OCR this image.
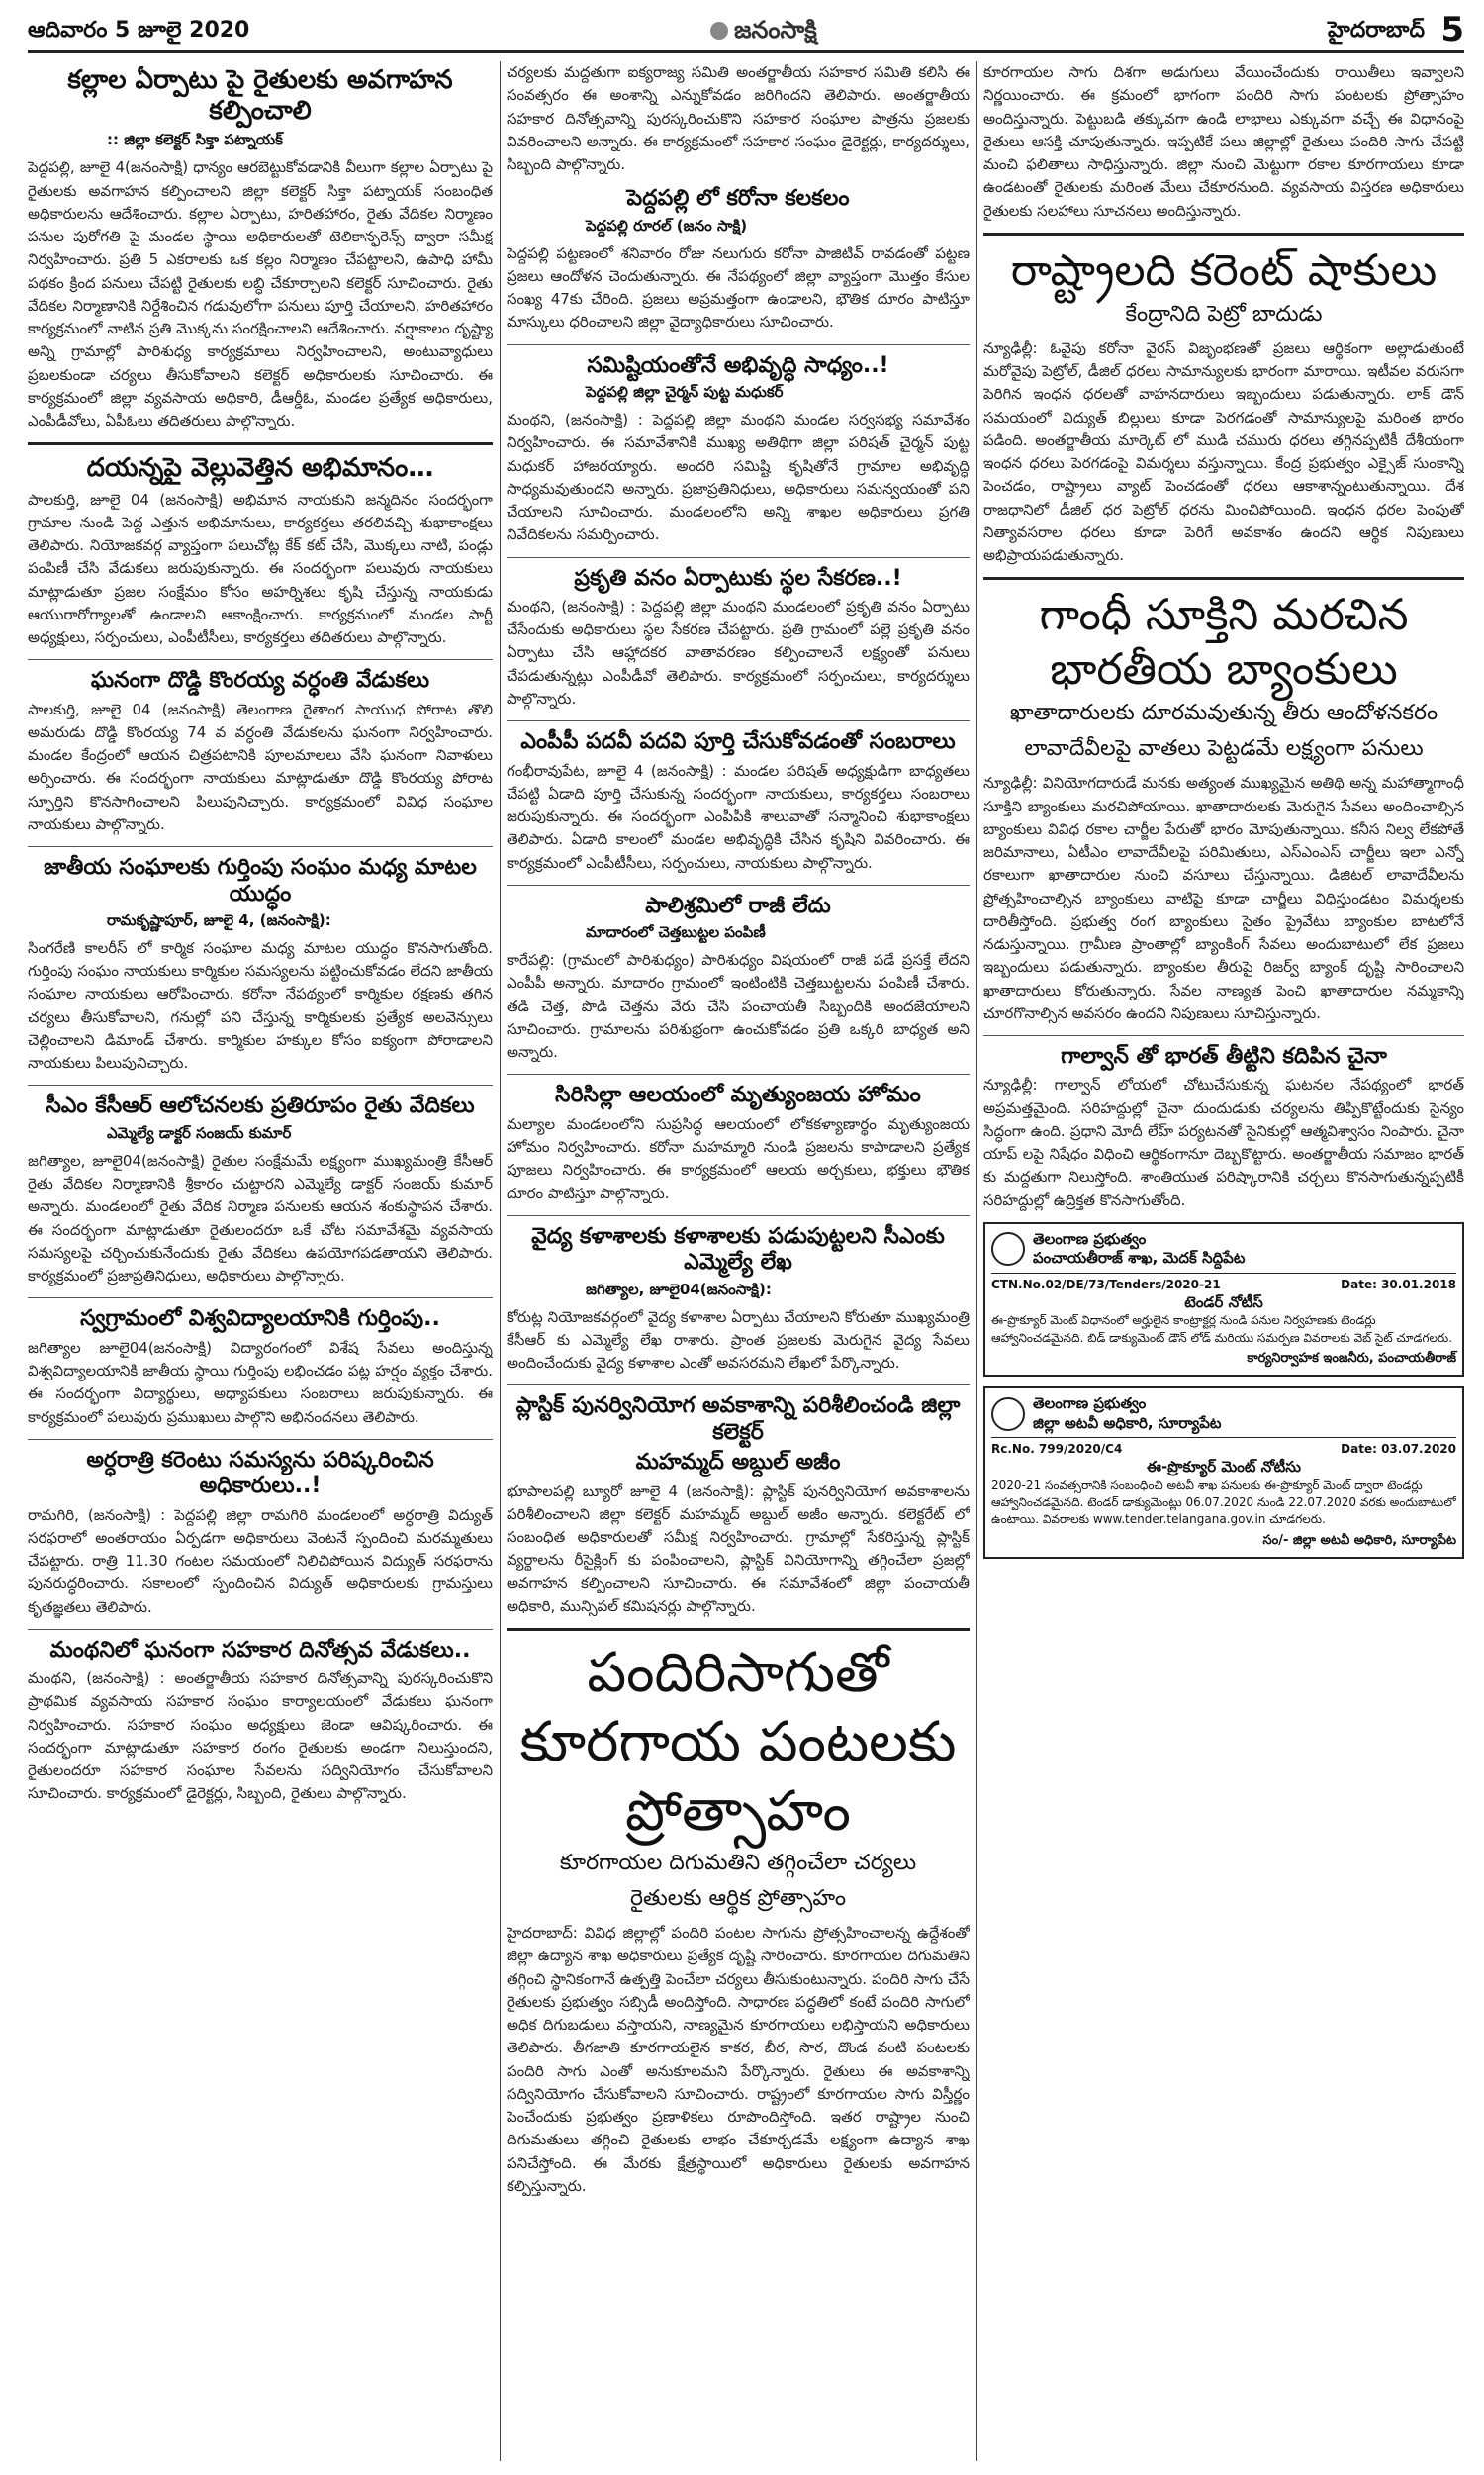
ఆదివారం 5 జూలై 2020	జనంసాక్షి	హైదరాబాద్ 5
కల్లాల ఏర్పాటు పై రైతులకు అవగాహన కల్పించాలి
:: జిల్లా కలెక్టర్ సిక్తా పట్నాయక్
పెద్దపల్లి, జూలై 4(జనంసాక్షి) ధాన్యం ఆరబెట్టుకోవడానికి వీలుగా కల్లాల ఏర్పాటు పై రైతులకు అవగాహన కల్పించాలని జిల్లా కలెక్టర్ సిక్తా పట్నాయక్ సంబంధిత అధికారులను ఆదేశించారు. కల్లాల ఏర్పాటు, హరితహారం, రైతు వేదికల నిర్మాణం పనుల పురోగతి పై మండల స్థాయి అధికారులతో టెలికాన్ఫరెన్స్ ద్వారా సమీక్ష నిర్వహించారు. ప్రతి 5 ఎకరాలకు ఒక కల్లం నిర్మాణం చేపట్టాలని, ఉపాధి హామీ పథకం క్రింద పనులు చేపట్టి రైతులకు లబ్ధి చేకూర్చాలని కలెక్టర్ సూచించారు. రైతు వేదికల నిర్మాణానికి నిర్దేశించిన గడువులోగా పనులు పూర్తి చేయాలని, హరితహారం కార్యక్రమంలో నాటిన ప్రతి మొక్కను సంరక్షించాలని ఆదేశించారు. వర్షాకాలం దృష్ట్యా అన్ని గ్రామాల్లో పారిశుధ్య కార్యక్రమాలు నిర్వహించాలని, అంటువ్యాధులు ప్రబలకుండా చర్యలు తీసుకోవాలని కలెక్టర్ అధికారులకు సూచించారు. ఈ కార్యక్రమంలో జిల్లా వ్యవసాయ అధికారి, డీఆర్డీఓ, మండల ప్రత్యేక అధికారులు, ఎంపీడీవోలు, ఏపీఓలు తదితరులు పాల్గొన్నారు.
దయన్నపై వెల్లువెత్తిన అభిమానం…
పాలకుర్తి, జూలై 04 (జనంసాక్షి) అభిమాన నాయకుని జన్మదినం సందర్భంగా గ్రామాల నుండి పెద్ద ఎత్తున అభిమానులు, కార్యకర్తలు తరలివచ్చి శుభాకాంక్షలు తెలిపారు. నియోజకవర్గ వ్యాప్తంగా పలుచోట్ల కేక్ కట్ చేసి, మొక్కలు నాటి, పండ్లు పంపిణీ చేసి వేడుకలు జరుపుకున్నారు. ఈ సందర్భంగా పలువురు నాయకులు మాట్లాడుతూ ప్రజల సంక్షేమం కోసం అహర్నిశలు కృషి చేస్తున్న నాయకుడు ఆయురారోగ్యాలతో ఉండాలని ఆకాంక్షించారు. కార్యక్రమంలో మండల పార్టీ అధ్యక్షులు, సర్పంచులు, ఎంపీటీసీలు, కార్యకర్తలు తదితరులు పాల్గొన్నారు.
ఘనంగా దొడ్డి కొంరయ్య వర్ధంతి వేడుకలు
పాలకుర్తి, జూలై 04 (జనంసాక్షి) తెలంగాణ రైతాంగ సాయుధ పోరాట తొలి అమరుడు దొడ్డి కొంరయ్య 74 వ వర్ధంతి వేడుకలను ఘనంగా నిర్వహించారు. మండల కేంద్రంలో ఆయన చిత్రపటానికి పూలమాలలు వేసి ఘనంగా నివాళులు అర్పించారు. ఈ సందర్భంగా నాయకులు మాట్లాడుతూ దొడ్డి కొంరయ్య పోరాట స్ఫూర్తిని కొనసాగించాలని పిలుపునిచ్చారు. కార్యక్రమంలో వివిధ సంఘాల నాయకులు పాల్గొన్నారు.
జాతీయ సంఘాలకు గుర్తింపు సంఘం మధ్య మాటల యుద్ధం
రామకృష్ణాపూర్, జూలై 4, (జనంసాక్షి):
సింగరేణి కాలరీస్ లో కార్మిక సంఘాల మధ్య మాటల యుద్ధం కొనసాగుతోంది. గుర్తింపు సంఘం నాయకులు కార్మికుల సమస్యలను పట్టించుకోవడం లేదని జాతీయ సంఘాల నాయకులు ఆరోపించారు. కరోనా నేపథ్యంలో కార్మికుల రక్షణకు తగిన చర్యలు తీసుకోవాలని, గనుల్లో పని చేస్తున్న కార్మికులకు ప్రత్యేక అలవెన్సులు చెల్లించాలని డిమాండ్ చేశారు. కార్మికుల హక్కుల కోసం ఐక్యంగా పోరాడాలని నాయకులు పిలుపునిచ్చారు.
సీఎం కేసీఆర్ ఆలోచనలకు ప్రతిరూపం రైతు వేదికలు
ఎమ్మెల్యే డాక్టర్ సంజయ్ కుమార్
జగిత్యాల, జూలై04(జనంసాక్షి) రైతుల సంక్షేమమే లక్ష్యంగా ముఖ్యమంత్రి కేసీఆర్ రైతు వేదికల నిర్మాణానికి శ్రీకారం చుట్టారని ఎమ్మెల్యే డాక్టర్ సంజయ్ కుమార్ అన్నారు. మండలంలో రైతు వేదిక నిర్మాణ పనులకు ఆయన శంకుస్థాపన చేశారు. ఈ సందర్భంగా మాట్లాడుతూ రైతులందరూ ఒకే చోట సమావేశమై వ్యవసాయ సమస్యలపై చర్చించుకునేందుకు రైతు వేదికలు ఉపయోగపడతాయని తెలిపారు. కార్యక్రమంలో ప్రజాప్రతినిధులు, అధికారులు పాల్గొన్నారు.
స్వగ్రామంలో విశ్వవిద్యాలయానికి గుర్తింపు..
జగిత్యాల జూలై04(జనంసాక్షి) విద్యారంగంలో విశేష సేవలు అందిస్తున్న విశ్వవిద్యాలయానికి జాతీయ స్థాయి గుర్తింపు లభించడం పట్ల హర్షం వ్యక్తం చేశారు. ఈ సందర్భంగా విద్యార్థులు, అధ్యాపకులు సంబరాలు జరుపుకున్నారు. ఈ కార్యక్రమంలో పలువురు ప్రముఖులు పాల్గొని అభినందనలు తెలిపారు.
అర్ధరాత్రి కరెంటు సమస్యను పరిష్కరించిన అధికారులు..!
రామగిరి, (జనంసాక్షి) : పెద్దపల్లి జిల్లా రామగిరి మండలంలో అర్ధరాత్రి విద్యుత్ సరఫరాలో అంతరాయం ఏర్పడగా అధికారులు వెంటనే స్పందించి మరమ్మతులు చేపట్టారు. రాత్రి 11.30 గంటల సమయంలో నిలిచిపోయిన విద్యుత్ సరఫరాను పునరుద్ధరించారు. సకాలంలో స్పందించిన విద్యుత్ అధికారులకు గ్రామస్తులు కృతజ్ఞతలు తెలిపారు.
మంథనిలో ఘనంగా సహకార దినోత్సవ వేడుకలు..
మంథని, (జనంసాక్షి) : అంతర్జాతీయ సహకార దినోత్సవాన్ని పురస్కరించుకొని ప్రాథమిక వ్యవసాయ సహకార సంఘం కార్యాలయంలో వేడుకలు ఘనంగా నిర్వహించారు. సహకార సంఘం అధ్యక్షులు జెండా ఆవిష్కరించారు. ఈ సందర్భంగా మాట్లాడుతూ సహకార రంగం రైతులకు అండగా నిలుస్తుందని, రైతులందరూ సహకార సంఘాల సేవలను సద్వినియోగం చేసుకోవాలని సూచించారు. కార్యక్రమంలో డైరెక్టర్లు, సిబ్బంది, రైతులు పాల్గొన్నారు.
చర్యలకు మద్దతుగా ఐక్యరాజ్య సమితి అంతర్జాతీయ సహకార సమితి కలిసి ఈ సంవత్సరం ఈ అంశాన్ని ఎన్నుకోవడం జరిగిందని తెలిపారు. అంతర్జాతీయ సహకార దినోత్సవాన్ని పురస్కరించుకొని సహకార సంఘాల పాత్రను ప్రజలకు వివరించాలని అన్నారు. ఈ కార్యక్రమంలో సహకార సంఘం డైరెక్టర్లు, కార్యదర్శులు, సిబ్బంది పాల్గొన్నారు.
పెద్దపల్లి లో కరోనా కలకలం
పెద్దపల్లి రూరల్ (జనం సాక్షి)
పెద్దపల్లి పట్టణంలో శనివారం రోజు నలుగురు కరోనా పాజిటివ్ రావడంతో పట్టణ ప్రజలు ఆందోళన చెందుతున్నారు. ఈ నేపథ్యంలో జిల్లా వ్యాప్తంగా మొత్తం కేసుల సంఖ్య 47కు చేరింది. ప్రజలు అప్రమత్తంగా ఉండాలని, భౌతిక దూరం పాటిస్తూ మాస్కులు ధరించాలని జిల్లా వైద్యాధికారులు సూచించారు.
సమిష్టియంతోనే అభివృద్ధి సాధ్యం..!
పెద్దపల్లి జిల్లా చైర్మన్ పుట్ట మధుకర్
మంథని, (జనంసాక్షి) : పెద్దపల్లి జిల్లా మంథని మండల సర్వసభ్య సమావేశం నిర్వహించారు. ఈ సమావేశానికి ముఖ్య అతిథిగా జిల్లా పరిషత్ చైర్మన్ పుట్ట మధుకర్ హాజరయ్యారు. అందరి సమిష్టి కృషితోనే గ్రామాల అభివృద్ధి సాధ్యమవుతుందని అన్నారు. ప్రజాప్రతినిధులు, అధికారులు సమన్వయంతో పని చేయాలని సూచించారు. మండలంలోని అన్ని శాఖల అధికారులు ప్రగతి నివేదికలను సమర్పించారు.
ప్రకృతి వనం ఏర్పాటుకు స్థల సేకరణ..!
మంథని, (జనంసాక్షి) : పెద్దపల్లి జిల్లా మంథని మండలంలో ప్రకృతి వనం ఏర్పాటు చేసేందుకు అధికారులు స్థల సేకరణ చేపట్టారు. ప్రతి గ్రామంలో పల్లె ప్రకృతి వనం ఏర్పాటు చేసి ఆహ్లాదకర వాతావరణం కల్పించాలనే లక్ష్యంతో పనులు చేపడుతున్నట్లు ఎంపీడీవో తెలిపారు. కార్యక్రమంలో సర్పంచులు, కార్యదర్శులు పాల్గొన్నారు.
ఎంపీపీ పదవీ పదవి పూర్తి చేసుకోవడంతో సంబరాలు
గంభీరావుపేట, జూలై 4 (జనంసాక్షి) : మండల పరిషత్ అధ్యక్షుడిగా బాధ్యతలు చేపట్టి ఏడాది పూర్తి చేసుకున్న సందర్భంగా నాయకులు, కార్యకర్తలు సంబరాలు జరుపుకున్నారు. ఈ సందర్భంగా ఎంపీపీకి శాలువాతో సన్మానించి శుభాకాంక్షలు తెలిపారు. ఏడాది కాలంలో మండల అభివృద్ధికి చేసిన కృషిని వివరించారు. ఈ కార్యక్రమంలో ఎంపీటీసీలు, సర్పంచులు, నాయకులు పాల్గొన్నారు.
పాలిశ్రమిలో రాజీ లేదు
మాదారంలో చెత్తబుట్టల పంపిణీ
కారేపల్లి: (గ్రామంలో పారిశుధ్యం) పారిశుధ్యం విషయంలో రాజీ పడే ప్రసక్తే లేదని ఎంపీపీ అన్నారు. మాదారం గ్రామంలో ఇంటింటికి చెత్తబుట్టలను పంపిణీ చేశారు. తడి చెత్త, పొడి చెత్తను వేరు చేసి పంచాయతీ సిబ్బందికి అందజేయాలని సూచించారు. గ్రామాలను పరిశుభ్రంగా ఉంచుకోవడం ప్రతి ఒక్కరి బాధ్యత అని అన్నారు.
సిరిసిల్లా ఆలయంలో మృత్యుంజయ హోమం
మల్యాల మండలంలోని సుప్రసిద్ధ ఆలయంలో లోకకళ్యాణార్థం మృత్యుంజయ హోమం నిర్వహించారు. కరోనా మహమ్మారి నుండి ప్రజలను కాపాడాలని ప్రత్యేక పూజలు నిర్వహించారు. ఈ కార్యక్రమంలో ఆలయ అర్చకులు, భక్తులు భౌతిక దూరం పాటిస్తూ పాల్గొన్నారు.
వైద్య కళాశాలకు కళాశాలకు పడుపుట్టలని సీఎంకు ఎమ్మెల్యే లేఖ
జగిత్యాల, జూలై04(జనంసాక్షి):
కోరుట్ల నియోజకవర్గంలో వైద్య కళాశాల ఏర్పాటు చేయాలని కోరుతూ ముఖ్యమంత్రి కేసీఆర్ కు ఎమ్మెల్యే లేఖ రాశారు. ప్రాంత ప్రజలకు మెరుగైన వైద్య సేవలు అందించేందుకు వైద్య కళాశాల ఎంతో అవసరమని లేఖలో పేర్కొన్నారు.
ప్లాస్టిక్ పునర్వినియోగ అవకాశాన్ని పరిశీలించండి జిల్లా కలెక్టర్
మహమ్మద్ అబ్దుల్ అజీం
భూపాలపల్లి బ్యూరో జూలై 4 (జనంసాక్షి): ప్లాస్టిక్ పునర్వినియోగ అవకాశాలను పరిశీలించాలని జిల్లా కలెక్టర్ మహమ్మద్ అబ్దుల్ అజీం అన్నారు. కలెక్టరేట్ లో సంబంధిత అధికారులతో సమీక్ష నిర్వహించారు. గ్రామాల్లో సేకరిస్తున్న ప్లాస్టిక్ వ్యర్థాలను రీసైక్లింగ్ కు పంపించాలని, ప్లాస్టిక్ వినియోగాన్ని తగ్గించేలా ప్రజల్లో అవగాహన కల్పించాలని సూచించారు. ఈ సమావేశంలో జిల్లా పంచాయతీ అధికారి, మున్సిపల్ కమిషనర్లు పాల్గొన్నారు.
పందిరిసాగుతో కూరగాయ పంటలకు ప్రోత్సాహం
కూరగాయల దిగుమతిని తగ్గించేలా చర్యలు
రైతులకు ఆర్థిక ప్రోత్సాహం
హైదరాబాద్: వివిధ జిల్లాల్లో పందిరి పంటల సాగును ప్రోత్సహించాలన్న ఉద్దేశంతో జిల్లా ఉద్యాన శాఖ అధికారులు ప్రత్యేక దృష్టి సారించారు. కూరగాయల దిగుమతిని తగ్గించి స్థానికంగానే ఉత్పత్తి పెంచేలా చర్యలు తీసుకుంటున్నారు. పందిరి సాగు చేసే రైతులకు ప్రభుత్వం సబ్సిడీ అందిస్తోంది. సాధారణ పద్ధతిలో కంటే పందిరి సాగులో అధిక దిగుబడులు వస్తాయని, నాణ్యమైన కూరగాయలు లభిస్తాయని అధికారులు తెలిపారు. తీగజాతి కూరగాయలైన కాకర, బీర, సొర, దొండ వంటి పంటలకు పందిరి సాగు ఎంతో అనుకూలమని పేర్కొన్నారు. రైతులు ఈ అవకాశాన్ని సద్వినియోగం చేసుకోవాలని సూచించారు. రాష్ట్రంలో కూరగాయల సాగు విస్తీర్ణం పెంచేందుకు ప్రభుత్వం ప్రణాళికలు రూపొందిస్తోంది. ఇతర రాష్ట్రాల నుంచి దిగుమతులు తగ్గించి రైతులకు లాభం చేకూర్చడమే లక్ష్యంగా ఉద్యాన శాఖ పనిచేస్తోంది. ఈ మేరకు క్షేత్రస్థాయిలో అధికారులు రైతులకు అవగాహన కల్పిస్తున్నారు.
కూరగాయల సాగు దిశగా అడుగులు వేయించేందుకు రాయితీలు ఇవ్వాలని నిర్ణయించారు. ఈ క్రమంలో భాగంగా పందిరి సాగు పంటలకు ప్రోత్సాహం అందిస్తున్నారు. పెట్టుబడి తక్కువగా ఉండి లాభాలు ఎక్కువగా వచ్చే ఈ విధానంపై రైతులు ఆసక్తి చూపుతున్నారు. ఇప్పటికే పలు జిల్లాల్లో రైతులు పందిరి సాగు చేపట్టి మంచి ఫలితాలు సాధిస్తున్నారు. జిల్లా నుంచి మెట్టుగా రకాల కూరగాయలు కూడా ఉండటంతో రైతులకు మరింత మేలు చేకూరనుంది. వ్యవసాయ విస్తరణ అధికారులు రైతులకు సలహాలు సూచనలు అందిస్తున్నారు.
రాష్ట్రాలది కరెంట్ షాకులు
కేంద్రానిది పెట్రో బాదుడు
న్యూఢిల్లీ: ఓవైపు కరోనా వైరస్ విజృంభణతో ప్రజలు ఆర్థికంగా అల్లాడుతుంటే మరోవైపు పెట్రోల్, డీజిల్ ధరలు సామాన్యులకు భారంగా మారాయి. ఇటీవల వరుసగా పెరిగిన ఇంధన ధరలతో వాహనదారులు ఇబ్బందులు పడుతున్నారు. లాక్ డౌన్ సమయంలో విద్యుత్ బిల్లులు కూడా పెరగడంతో సామాన్యులపై మరింత భారం పడింది. అంతర్జాతీయ మార్కెట్ లో ముడి చమురు ధరలు తగ్గినప్పటికీ దేశీయంగా ఇంధన ధరలు పెరగడంపై విమర్శలు వస్తున్నాయి. కేంద్ర ప్రభుత్వం ఎక్సైజ్ సుంకాన్ని పెంచడం, రాష్ట్రాలు వ్యాట్ పెంచడంతో ధరలు ఆకాశాన్నంటుతున్నాయి. దేశ రాజధానిలో డీజిల్ ధర పెట్రోల్ ధరను మించిపోయింది. ఇంధన ధరల పెంపుతో నిత్యావసరాల ధరలు కూడా పెరిగే అవకాశం ఉందని ఆర్థిక నిపుణులు అభిప్రాయపడుతున్నారు.
గాంధీ సూక్తిని మరచిన భారతీయ బ్యాంకులు
ఖాతాదారులకు దూరమవుతున్న తీరు ఆందోళనకరం
లావాదేవీలపై వాతలు పెట్టడమే లక్ష్యంగా పనులు
న్యూఢిల్లీ: వినియోగదారుడే మనకు అత్యంత ముఖ్యమైన అతిథి అన్న మహాత్మాగాంధీ సూక్తిని బ్యాంకులు మరచిపోయాయి. ఖాతాదారులకు మెరుగైన సేవలు అందించాల్సిన బ్యాంకులు వివిధ రకాల చార్జీల పేరుతో భారం మోపుతున్నాయి. కనీస నిల్వ లేకపోతే జరిమానాలు, ఏటీఎం లావాదేవీలపై పరిమితులు, ఎస్ఎంఎస్ చార్జీలు ఇలా ఎన్నో రకాలుగా ఖాతాదారుల నుంచి వసూలు చేస్తున్నాయి. డిజిటల్ లావాదేవీలను ప్రోత్సహించాల్సిన బ్యాంకులు వాటిపై కూడా చార్జీలు విధిస్తుండటం విమర్శలకు దారితీస్తోంది. ప్రభుత్వ రంగ బ్యాంకులు సైతం ప్రైవేటు బ్యాంకుల బాటలోనే నడుస్తున్నాయి. గ్రామీణ ప్రాంతాల్లో బ్యాంకింగ్ సేవలు అందుబాటులో లేక ప్రజలు ఇబ్బందులు పడుతున్నారు. బ్యాంకుల తీరుపై రిజర్వ్ బ్యాంక్ దృష్టి సారించాలని ఖాతాదారులు కోరుతున్నారు. సేవల నాణ్యత పెంచి ఖాతాదారుల నమ్మకాన్ని చూరగొనాల్సిన అవసరం ఉందని నిపుణులు సూచిస్తున్నారు.
గాల్వాన్ తో భారత్ తీట్టిని కదిపిన చైనా
న్యూఢిల్లీ: గాల్వాన్ లోయలో చోటుచేసుకున్న ఘటనల నేపథ్యంలో భారత్ అప్రమత్తమైంది. సరిహద్దుల్లో చైనా దుందుడుకు చర్యలను తిప్పికొట్టేందుకు సైన్యం సిద్ధంగా ఉంది. ప్రధాని మోదీ లేహ్ పర్యటనతో సైనికుల్లో ఆత్మవిశ్వాసం నింపారు. చైనా యాప్ లపై నిషేధం విధించి ఆర్థికంగానూ దెబ్బకొట్టారు. అంతర్జాతీయ సమాజం భారత్ కు మద్దతుగా నిలుస్తోంది. శాంతియుత పరిష్కారానికి చర్చలు కొనసాగుతున్నప్పటికీ సరిహద్దుల్లో ఉద్రిక్తత కొనసాగుతోంది.
తెలంగాణ ప్రభుత్వం
పంచాయతీరాజ్ శాఖ, మెదక్ సిద్దిపేట
CTN.No.02/DE/73/Tenders/2020-21	Date: 30.01.2018
టెండర్ నోటీస్
ఈ-ప్రొక్యూర్ మెంట్ విధానంలో అర్హులైన కాంట్రాక్టర్ల నుండి పనుల నిర్వహణకు టెండర్లు ఆహ్వానించడమైనది. బిడ్ డాక్యుమెంట్ డౌన్ లోడ్ మరియు సమర్పణ వివరాలకు వెబ్ సైట్ చూడగలరు.
కార్యనిర్వాహక ఇంజనీరు, పంచాయతీరాజ్
తెలంగాణ ప్రభుత్వం
జిల్లా అటవీ అధికారి, సూర్యాపేట
Rc.No. 799/2020/C4	Date: 03.07.2020
ఈ-ప్రొక్యూర్ మెంట్ నోటీసు
2020-21 సంవత్సరానికి సంబంధించి అటవీ శాఖ పనులకు ఈ-ప్రొక్యూర్ మెంట్ ద్వారా టెండర్లు ఆహ్వానించడమైనది. టెండర్ డాక్యుమెంట్లు 06.07.2020 నుండి 22.07.2020 వరకు అందుబాటులో ఉంటాయి. వివరాలకు www.tender.telangana.gov.in చూడగలరు.
సం/- జిల్లా అటవీ అధికారి, సూర్యాపేట
